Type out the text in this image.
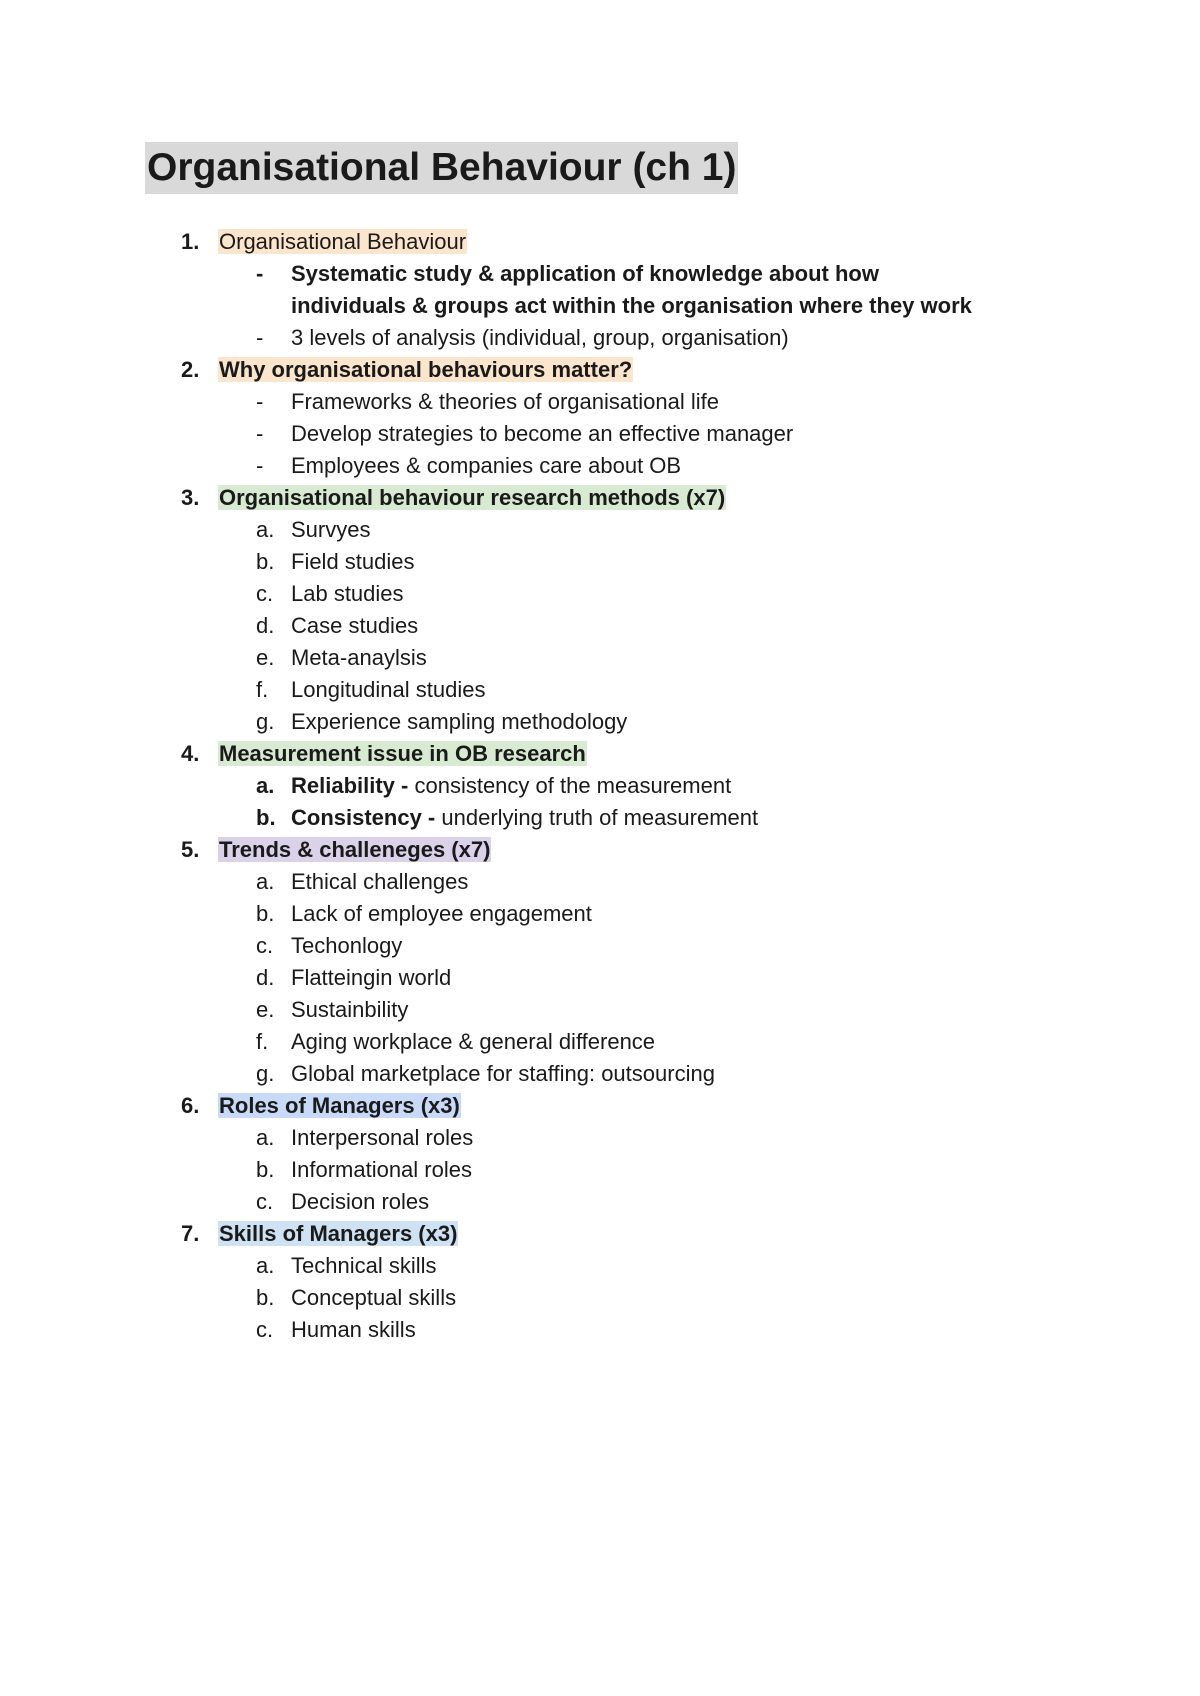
Organisational Behaviour (ch 1)
1. Organisational Behaviour
- Systematic study & application of knowledge about how
individuals & groups act within the organisation where they work
- 3 levels of analysis (individual, group, organisation)
2. Why organisational behaviours matter?
- Frameworks & theories of organisational life
- Develop strategies to become an effective manager
- Employees & companies care about OB
3. Organisational behaviour research methods (x7)
a. Survyes
b. Field studies
c. Lab studies
d. Case studies
e. Meta-anaylsis
f. Longitudinal studies
g. Experience sampling methodology
4. Measurement issue in OB research
a. Reliability - consistency of the measurement
b. Consistency - underlying truth of measurement
5. Trends & challeneges (x7)
a. Ethical challenges
b. Lack of employee engagement
c. Techonlogy
d. Flatteingin world
e. Sustainbility
f. Aging workplace & general difference
g. Global marketplace for staffing: outsourcing
6. Roles of Managers (x3)
a. Interpersonal roles
b. Informational roles
c. Decision roles
7. Skills of Managers (x3)
a. Technical skills
b. Conceptual skills
c. Human skills
